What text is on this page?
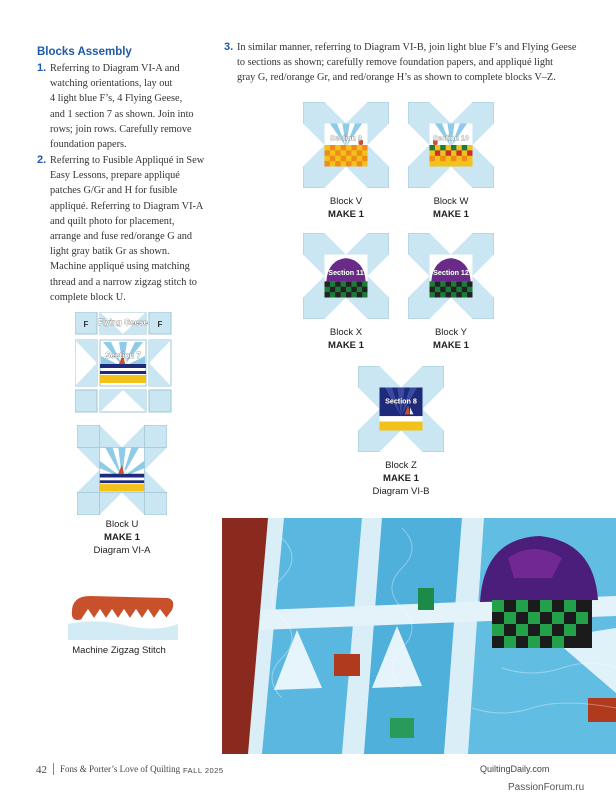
Blocks Assembly
1. Referring to Diagram VI-A and
watching orientations, lay out
4 light blue F’s, 4 Flying Geese,
and 1 section 7 as shown. Join into
rows; join rows. Carefully remove
foundation papers.
2. Referring to Fusible Appliqué in Sew
Easy Lessons, prepare appliqué
patches G/Gr and H for fusible
appliqué. Referring to Diagram VI-A
and quilt photo for placement,
arrange and fuse red/orange G and
light gray batik Gr as shown.
Machine appliqué using matching
thread and a narrow zigzag stitch to
complete block U.
3. In similar manner, referring to Diagram VI-B, join light blue F’s and Flying Geese
to sections as shown; carefully remove foundation papers, and appliqué light
gray G, red/orange Gr, and red/orange H’s as shown to complete blocks V–Z.
F Flying Geese F
Section 7
Block U
MAKE 1
Diagram VI-A
Machine Zigzag Stitch
Section 9
Block V
MAKE 1
Section 10
Block W
MAKE 1
Section 11
Block X
MAKE 1
Section 12
Block Y
MAKE 1
Section 8
Block Z
MAKE 1
Diagram VI-B
42 Fons & Porter’s Love of Quilting FALL 2025	QuiltingDaily.com
PassionForum.ru
